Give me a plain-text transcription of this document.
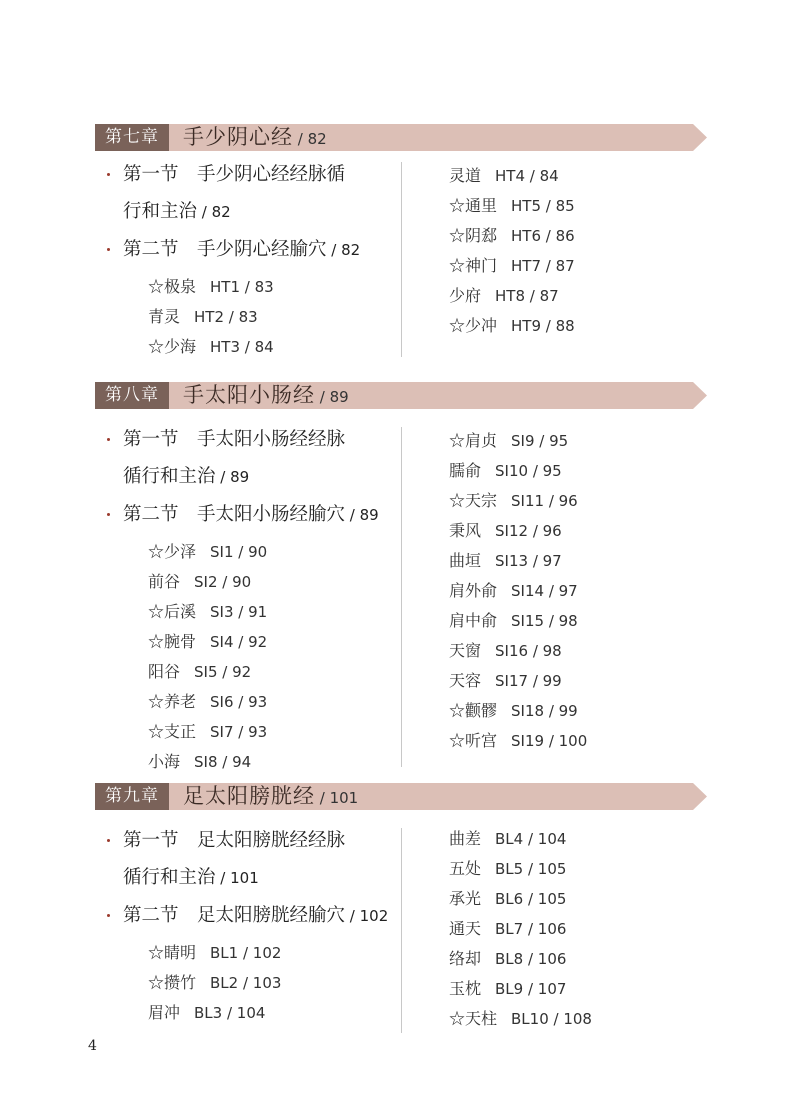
第七章	手少阴心经 / 82
第一节　手少阴心经经脉循
行和主治 / 82
第二节　手少阴心经腧穴 / 82
☆极泉 HT1 / 83
青灵 HT2 / 83
☆少海 HT3 / 84
灵道 HT4 / 84
☆通里 HT5 / 85
☆阴郄 HT6 / 86
☆神门 HT7 / 87
少府 HT8 / 87
☆少冲 HT9 / 88
第八章	手太阳小肠经 / 89
第一节　手太阳小肠经经脉
循行和主治 / 89
第二节　手太阳小肠经腧穴 / 89
☆少泽 SI1 / 90
前谷 SI2 / 90
☆后溪 SI3 / 91
☆腕骨 SI4 / 92
阳谷 SI5 / 92
☆养老 SI6 / 93
☆支正 SI7 / 93
小海 SI8 / 94
☆肩贞 SI9 / 95
臑俞 SI10 / 95
☆天宗 SI11 / 96
秉风 SI12 / 96
曲垣 SI13 / 97
肩外俞 SI14 / 97
肩中俞 SI15 / 98
天窗 SI16 / 98
天容 SI17 / 99
☆颧髎 SI18 / 99
☆听宫 SI19 / 100
第九章	足太阳膀胱经 / 101
第一节　足太阳膀胱经经脉
循行和主治 / 101
第二节　足太阳膀胱经腧穴 / 102
☆睛明 BL1 / 102
☆攒竹 BL2 / 103
眉冲 BL3 / 104
曲差 BL4 / 104
五处 BL5 / 105
承光 BL6 / 105
通天 BL7 / 106
络却 BL8 / 106
玉枕 BL9 / 107
☆天柱 BL10 / 108
4
